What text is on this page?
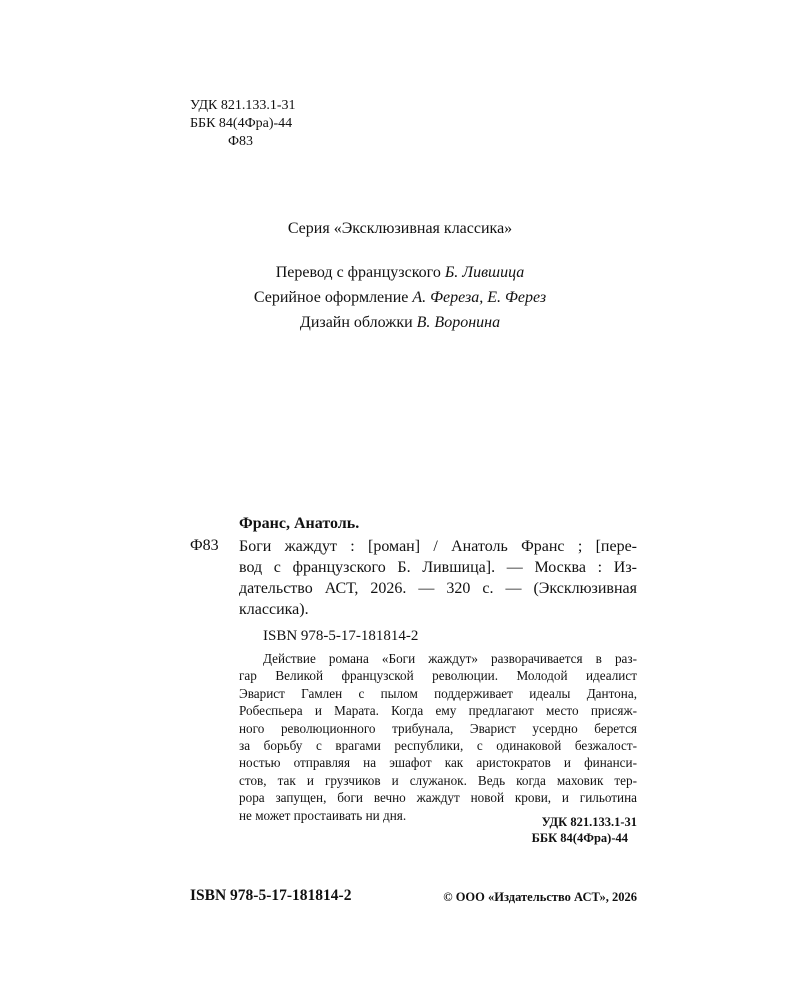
УДК 821.133.1-31
ББК 84(4Фра)-44
Ф83
Серия «Эксклюзивная классика»
Перевод с французского Б. Лившица
Серийное оформление А. Фереза, Е. Ферез
Дизайн обложки В. Воронина
Франс, Анатоль.
Ф83 Боги жаждут : [роман] / Анатоль Франс ; [пере-
вод с французского Б. Лившица]. — Москва : Из-
дательство АСТ, 2026. — 320 с. — (Эксклюзивная
классика).
ISBN 978-5-17-181814-2
Действие романа «Боги жаждут» разворачивается в раз-
гар Великой французской революции. Молодой идеалист
Эварист Гамлен с пылом поддерживает идеалы Дантона,
Робеспьера и Марата. Когда ему предлагают место присяж-
ного революционного трибунала, Эварист усердно берется
за борьбу с врагами республики, с одинаковой безжалост-
ностью отправляя на эшафот как аристократов и финанси-
стов, так и грузчиков и служанок. Ведь когда маховик тер-
рора запущен, боги вечно жаждут новой крови, и гильотина
не может простаивать ни дня.	УДК 821.133.1-31
ББК 84(4Фра)-44
ISBN 978-5-17-181814-2	© ООО «Издательство АСТ», 2026
